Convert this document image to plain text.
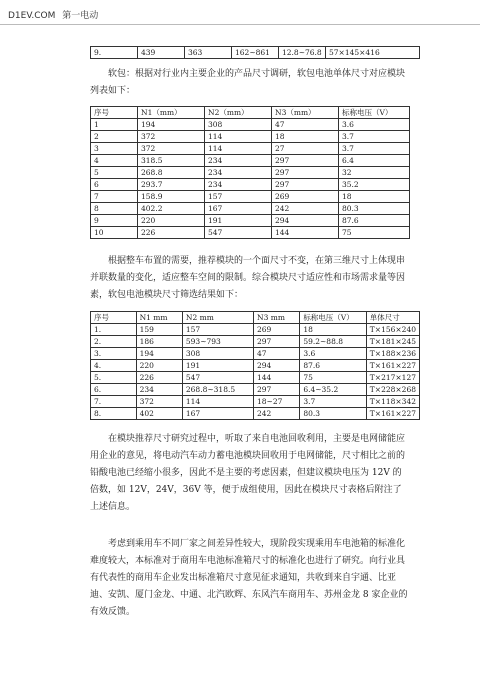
D1EV.COM 第一电动
9.	439	363	162~861	12.8~76.8	57×145×416
软包：根据对行业内主要企业的产品尺寸调研，软包电池单体尺寸对应模块列表如下：
序号	N1（mm）	N2（mm）	N3（mm）	标称电压（V）
1	194	308	47	3.6
2	372	114	18	3.7
3	372	114	27	3.7
4	318.5	234	297	6.4
5	268.8	234	297	32
6	293.7	234	297	35.2
7	158.9	157	269	18
8	402.2	167	242	80.3
9	220	191	294	87.6
10	226	547	144	75
根据整车布置的需要，推荐模块的一个面尺寸不变，在第三维尺寸上体现串并联数量的变化，适应整车空间的限制。综合模块尺寸适应性和市场需求量等因素，软包电池模块尺寸筛选结果如下：
序号	N1 mm	N2 mm	N3 mm	标称电压（V）	单体尺寸
1.	159	157	269	18	T×156×240
2.	186	593~793	297	59.2~88.8	T×181×245
3.	194	308	47	3.6	T×188×236
4.	220	191	294	87.6	T×161×227
5.	226	547	144	75	T×217×127
6.	234	268.8~318.5	297	6.4~35.2	T×228×268
7.	372	114	18~27	3.7	T×118×342
8.	402	167	242	80.3	T×161×227
在模块推荐尺寸研究过程中，听取了来自电池回收利用，主要是电网储能应用企业的意见，将电动汽车动力蓄电池模块回收用于电网储能，尺寸相比之前的铅酸电池已经缩小很多，因此不是主要的考虑因素，但建议模块电压为 12V 的倍数，如 12V，24V，36V 等，便于成组使用，因此在模块尺寸表格后附注了上述信息。
考虑到乘用车不同厂家之间差异性较大，现阶段实现乘用车电池箱的标准化难度较大，本标准对于商用车电池标准箱尺寸的标准化也进行了研究。向行业具有代表性的商用车企业发出标准箱尺寸意见征求通知，共收到来自宇通、比亚迪、安凯、厦门金龙、中通、北汽欧辉、东风汽车商用车、苏州金龙 8 家企业的有效反馈。
